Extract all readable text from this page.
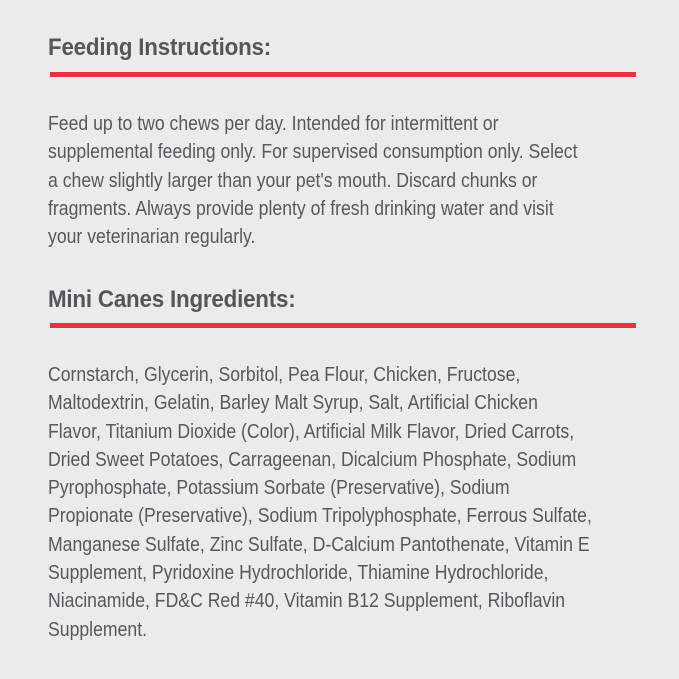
Feeding Instructions:
Feed up to two chews per day. Intended for intermittent or
supplemental feeding only. For supervised consumption only. Select
a chew slightly larger than your pet's mouth. Discard chunks or
fragments. Always provide plenty of fresh drinking water and visit
your veterinarian regularly.
Mini Canes Ingredients:
Cornstarch, Glycerin, Sorbitol, Pea Flour, Chicken, Fructose,
Maltodextrin, Gelatin, Barley Malt Syrup, Salt, Artificial Chicken
Flavor, Titanium Dioxide (Color), Artificial Milk Flavor, Dried Carrots,
Dried Sweet Potatoes, Carrageenan, Dicalcium Phosphate, Sodium
Pyrophosphate, Potassium Sorbate (Preservative), Sodium
Propionate (Preservative), Sodium Tripolyphosphate, Ferrous Sulfate,
Manganese Sulfate, Zinc Sulfate, D-Calcium Pantothenate, Vitamin E
Supplement, Pyridoxine Hydrochloride, Thiamine Hydrochloride,
Niacinamide, FD&C Red #40, Vitamin B12 Supplement, Riboflavin
Supplement.
